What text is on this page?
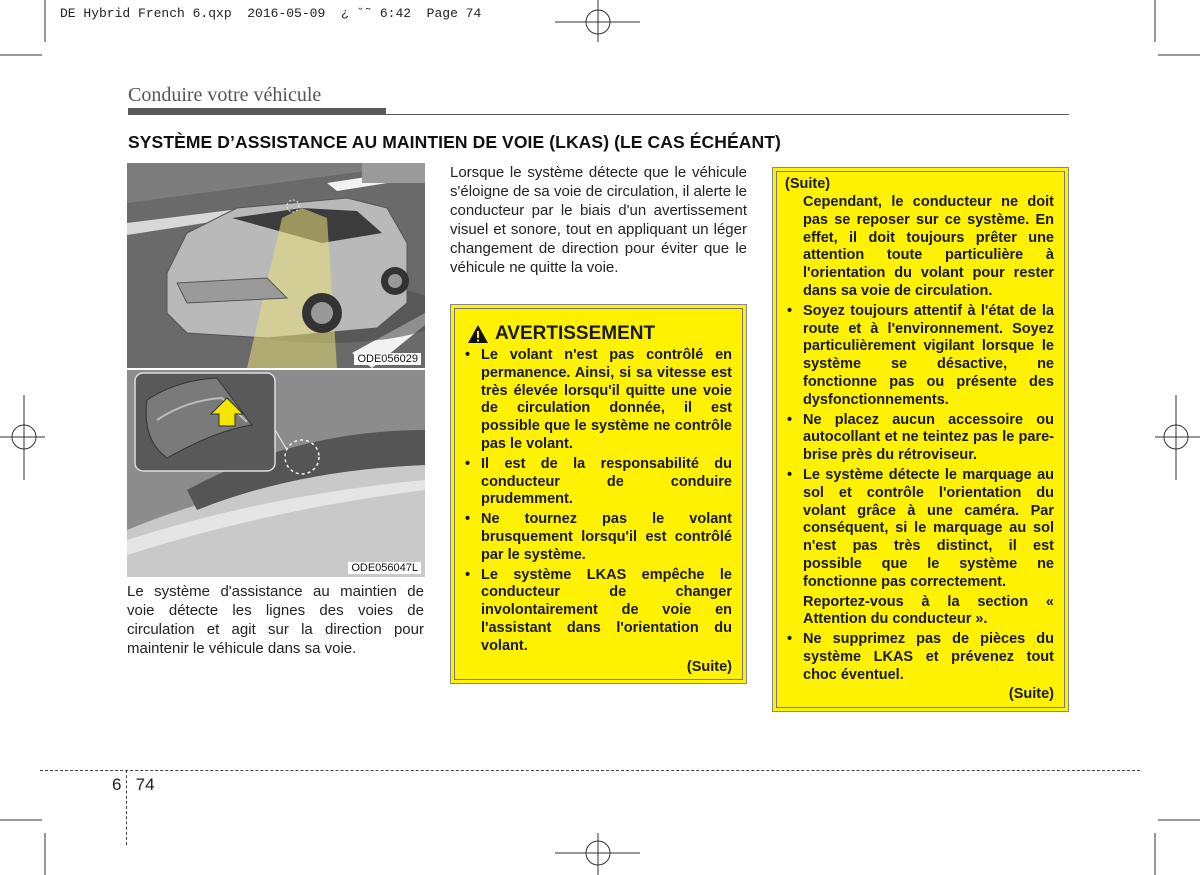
DE Hybrid French 6.qxp  2016-05-09  ¿ ˘˜ 6:42  Page 74
Conduire votre véhicule
SYSTÈME D’ASSISTANCE AU MAINTIEN DE VOIE (LKAS) (LE CAS ÉCHÉANT)
ODE056029
ODE056047L
Le système d'assistance au maintien de voie détecte les lignes des voies de circulation et agit sur la direction pour maintenir le véhicule dans sa voie.
Lorsque le système détecte que le véhicule s'éloigne de sa voie de circulation, il alerte le conducteur par le biais d'un avertissement visuel et sonore, tout en appliquant un léger changement de direction pour éviter que le véhicule ne quitte la voie.
AVERTISSEMENT
• Le volant n'est pas contrôlé en permanence. Ainsi, si sa vitesse est très élevée lorsqu'il quitte une voie de circulation donnée, il est possible que le système ne contrôle pas le volant.
• Il est de la responsabilité du conducteur de conduire prudemment.
• Ne tournez pas le volant brusquement lorsqu'il est contrôlé par le système.
• Le système LKAS empêche le conducteur de changer involontairement de voie en l'assistant dans l'orientation du volant.
(Suite)
(Suite)
Cependant, le conducteur ne doit pas se reposer sur ce système. En effet, il doit toujours prêter une attention toute particulière à l'orientation du volant pour rester dans sa voie de circulation.
• Soyez toujours attentif à l'état de la route et à l'environnement. Soyez particulièrement vigilant lorsque le système se désactive, ne fonctionne pas ou présente des dysfonctionnements.
• Ne placez aucun accessoire ou autocollant et ne teintez pas le pare-brise près du rétroviseur.
• Le système détecte le marquage au sol et contrôle l'orientation du volant grâce à une caméra. Par conséquent, si le marquage au sol n'est pas très distinct, il est possible que le système ne fonctionne pas correctement.
Reportez-vous à la section « Attention du conducteur ».
• Ne supprimez pas de pièces du système LKAS et prévenez tout choc éventuel.
(Suite)
6 74
